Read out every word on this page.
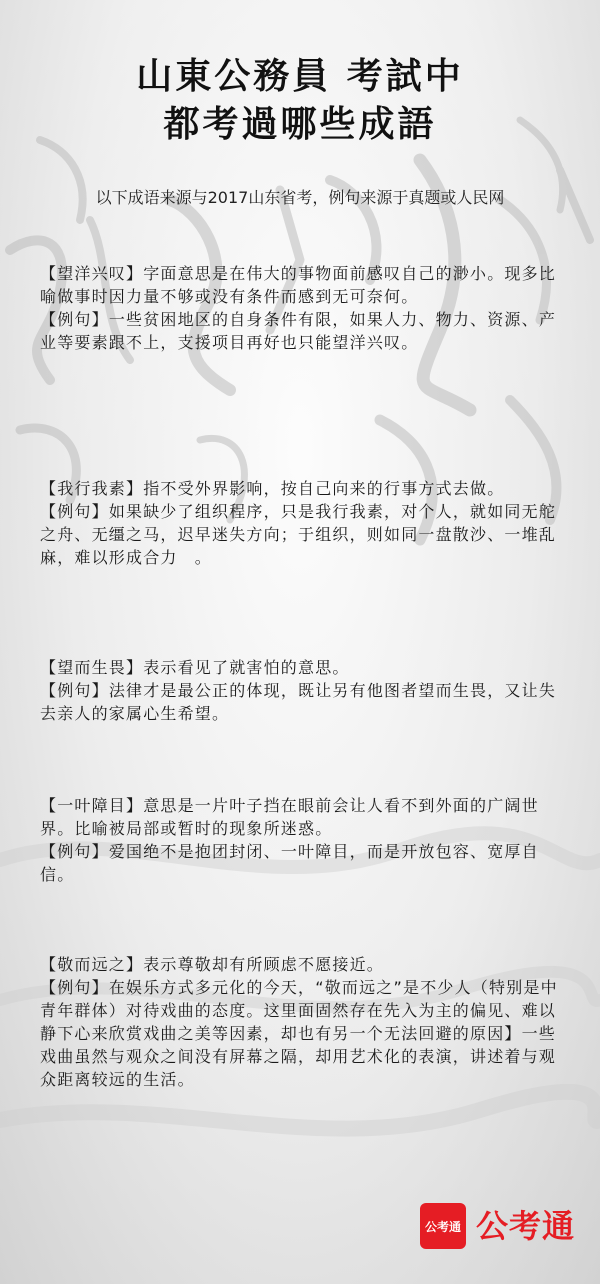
山東公務員 考試中
都考過哪些成語
以下成语来源与2017山东省考，例句来源于真题或人民网

【望洋兴叹】字面意思是在伟大的事物面前感叹自己的渺小。现多比喻做事时因力量不够或没有条件而感到无可奈何。

【例句】一些贫困地区的自身条件有限，如果人力、物力、资源、产业等要素跟不上，支援项目再好也只能望洋兴叹。

【我行我素】指不受外界影响，按自己向来的行事方式去做。

【例句】如果缺少了组织程序，只是我行我素，对个人，就如同无舵之舟、无缰之马，迟早迷失方向；于组织，则如同一盘散沙、一堆乱麻，难以形成合力　。

【望而生畏】表示看见了就害怕的意思。

【例句】法律才是最公正的体现，既让另有他图者望而生畏，又让失去亲人的家属心生希望。

【一叶障目】意思是一片叶子挡在眼前会让人看不到外面的广阔世界。比喻被局部或暂时的现象所迷惑。

【例句】爱国绝不是抱团封闭、一叶障目，而是开放包容、宽厚自信。

【敬而远之】表示尊敬却有所顾虑不愿接近。

【例句】在娱乐方式多元化的今天，“敬而远之”是不少人（特别是中青年群体）对待戏曲的态度。这里面固然存在先入为主的偏见、难以静下心来欣赏戏曲之美等因素，却也有另一个无法回避的原因】一些戏曲虽然与观众之间没有屏幕之隔，却用艺术化的表演，讲述着与观众距离较远的生活。

公考通 公考通
